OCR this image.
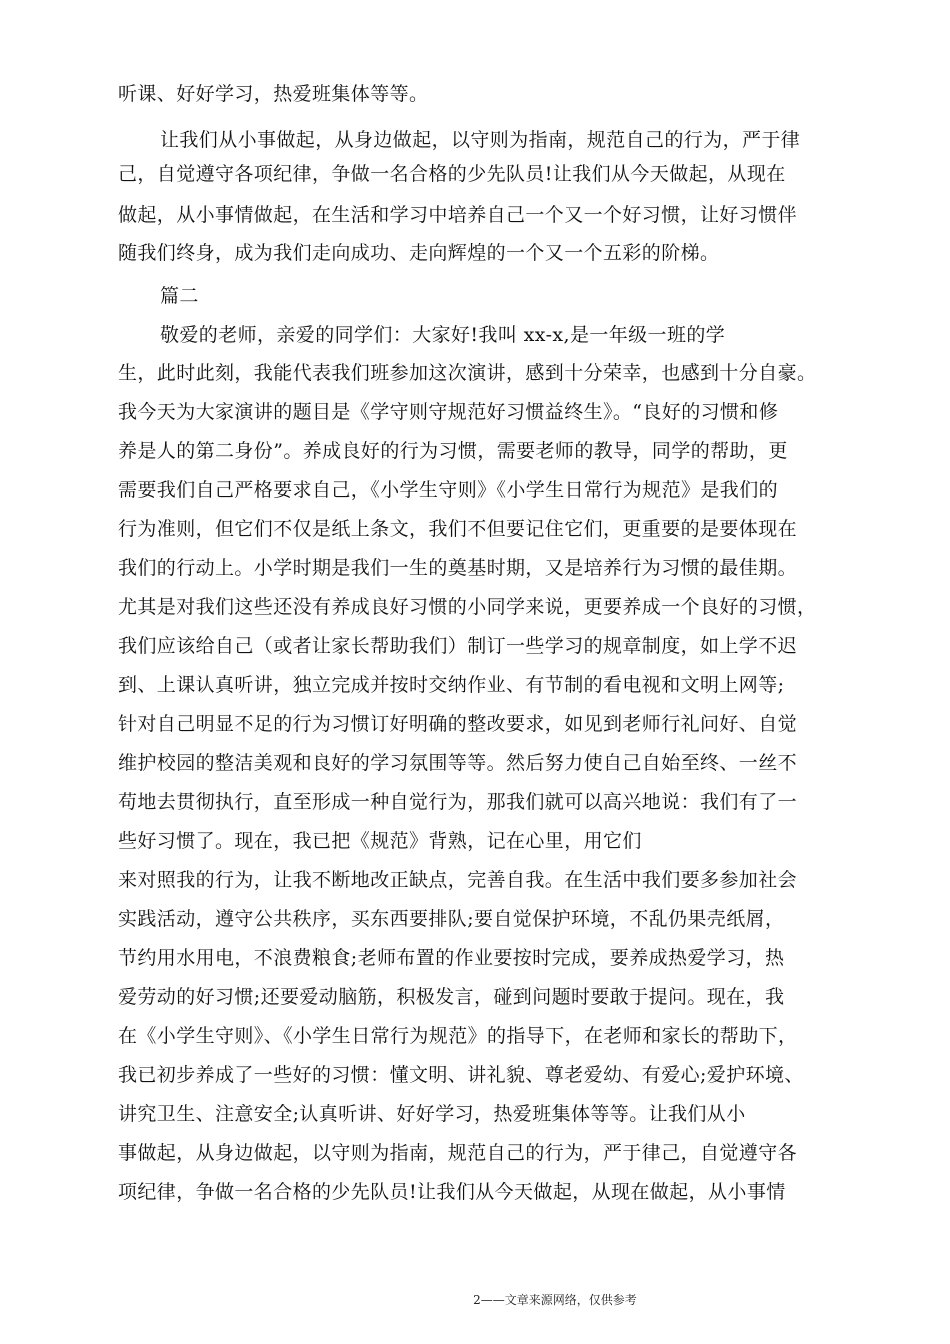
听课、好好学习，热爱班集体等等。
让我们从小事做起，从身边做起，以守则为指南，规范自己的行为，严于律
己，自觉遵守各项纪律，争做一名合格的少先队员!让我们从今天做起，从现在
做起，从小事情做起，在生活和学习中培养自己一个又一个好习惯，让好习惯伴
随我们终身，成为我们走向成功、走向辉煌的一个又一个五彩的阶梯。
篇二
敬爱的老师，亲爱的同学们：大家好!我叫 xx-x,是一年级一班的学
生，此时此刻，我能代表我们班参加这次演讲，感到十分荣幸，也感到十分自豪。
我今天为大家演讲的题目是《学守则守规范好习惯益终生》。“良好的习惯和修
养是人的第二身份”。养成良好的行为习惯，需要老师的教导，同学的帮助，更
需要我们自己严格要求自己，《小学生守则》《小学生日常行为规范》是我们的
行为准则，但它们不仅是纸上条文，我们不但要记住它们，更重要的是要体现在
我们的行动上。小学时期是我们一生的奠基时期，又是培养行为习惯的最佳期。
尤其是对我们这些还没有养成良好习惯的小同学来说，更要养成一个良好的习惯，
我们应该给自己（或者让家长帮助我们）制订一些学习的规章制度，如上学不迟
到、上课认真听讲，独立完成并按时交纳作业、有节制的看电视和文明上网等;
针对自己明显不足的行为习惯订好明确的整改要求，如见到老师行礼问好、自觉
维护校园的整洁美观和良好的学习氛围等等。然后努力使自己自始至终、一丝不
苟地去贯彻执行，直至形成一种自觉行为，那我们就可以高兴地说：我们有了一
些好习惯了。现在，我已把《规范》背熟，记在心里，用它们
来对照我的行为，让我不断地改正缺点，完善自我。在生活中我们要多参加社会
实践活动，遵守公共秩序，买东西要排队;要自觉保护环境，不乱仍果壳纸屑，
节约用水用电，不浪费粮食;老师布置的作业要按时完成，要养成热爱学习，热
爱劳动的好习惯;还要爱动脑筋，积极发言，碰到问题时要敢于提问。现在，我
在《小学生守则》、《小学生日常行为规范》的指导下，在老师和家长的帮助下，
我已初步养成了一些好的习惯：懂文明、讲礼貌、尊老爱幼、有爱心;爱护环境、
讲究卫生、注意安全;认真听讲、好好学习，热爱班集体等等。让我们从小
事做起，从身边做起，以守则为指南，规范自己的行为，严于律己，自觉遵守各
项纪律，争做一名合格的少先队员!让我们从今天做起，从现在做起，从小事情
2——文章来源网络，仅供参考
